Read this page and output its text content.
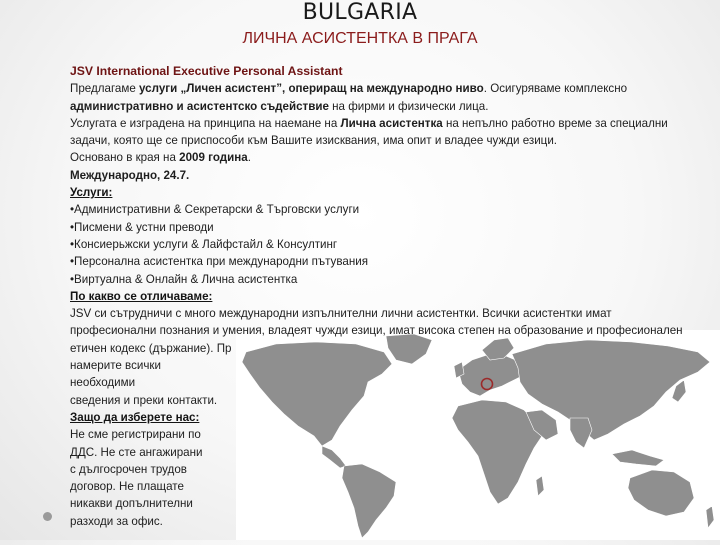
BULGARIA
ЛИЧНА АСИСТЕНТКА В ПРАГА
JSV International Executive Personal Assistant
Предлагаме услуги „Личен асистент”, опериращ на международно ниво. Осигуряваме комплексно административно и асистентско съдействие на фирми и физически лица.
Услугата е изградена на принципа на наемане на Лична асистентка на непълно работно време за специални задачи, която ще се приспособи към Вашите изисквания, има опит и владее чужди езици.
Основано в края на 2009 година.
Международно, 24.7.
Услуги:
•Административни & Секретарски & Търговски услуги
•Писмени & устни преводи
•Консиерьжски услуги & Лайфстайл & Консултинг
•Персонална асистентка при международни пътувания
•Виртуална & Онлайн & Лична асистентка
По какво се отличаваме:
JSV си сътрудничи с много международни изпълнителни лични асистентки. Всички асистентки имат
професионални познания и умения, владеят чужди езици, имат висока степен на образование и професионален
етичен кодекс (държание). Пр
намерите всички
необходими
сведения и преки контакти.
Защо да изберете нас:
Не сме регистрирани по
ДДС. Не сте ангажирани
с дългосрочен трудов
договор. Не плащате
никакви допълнителни
разходи за офис.
